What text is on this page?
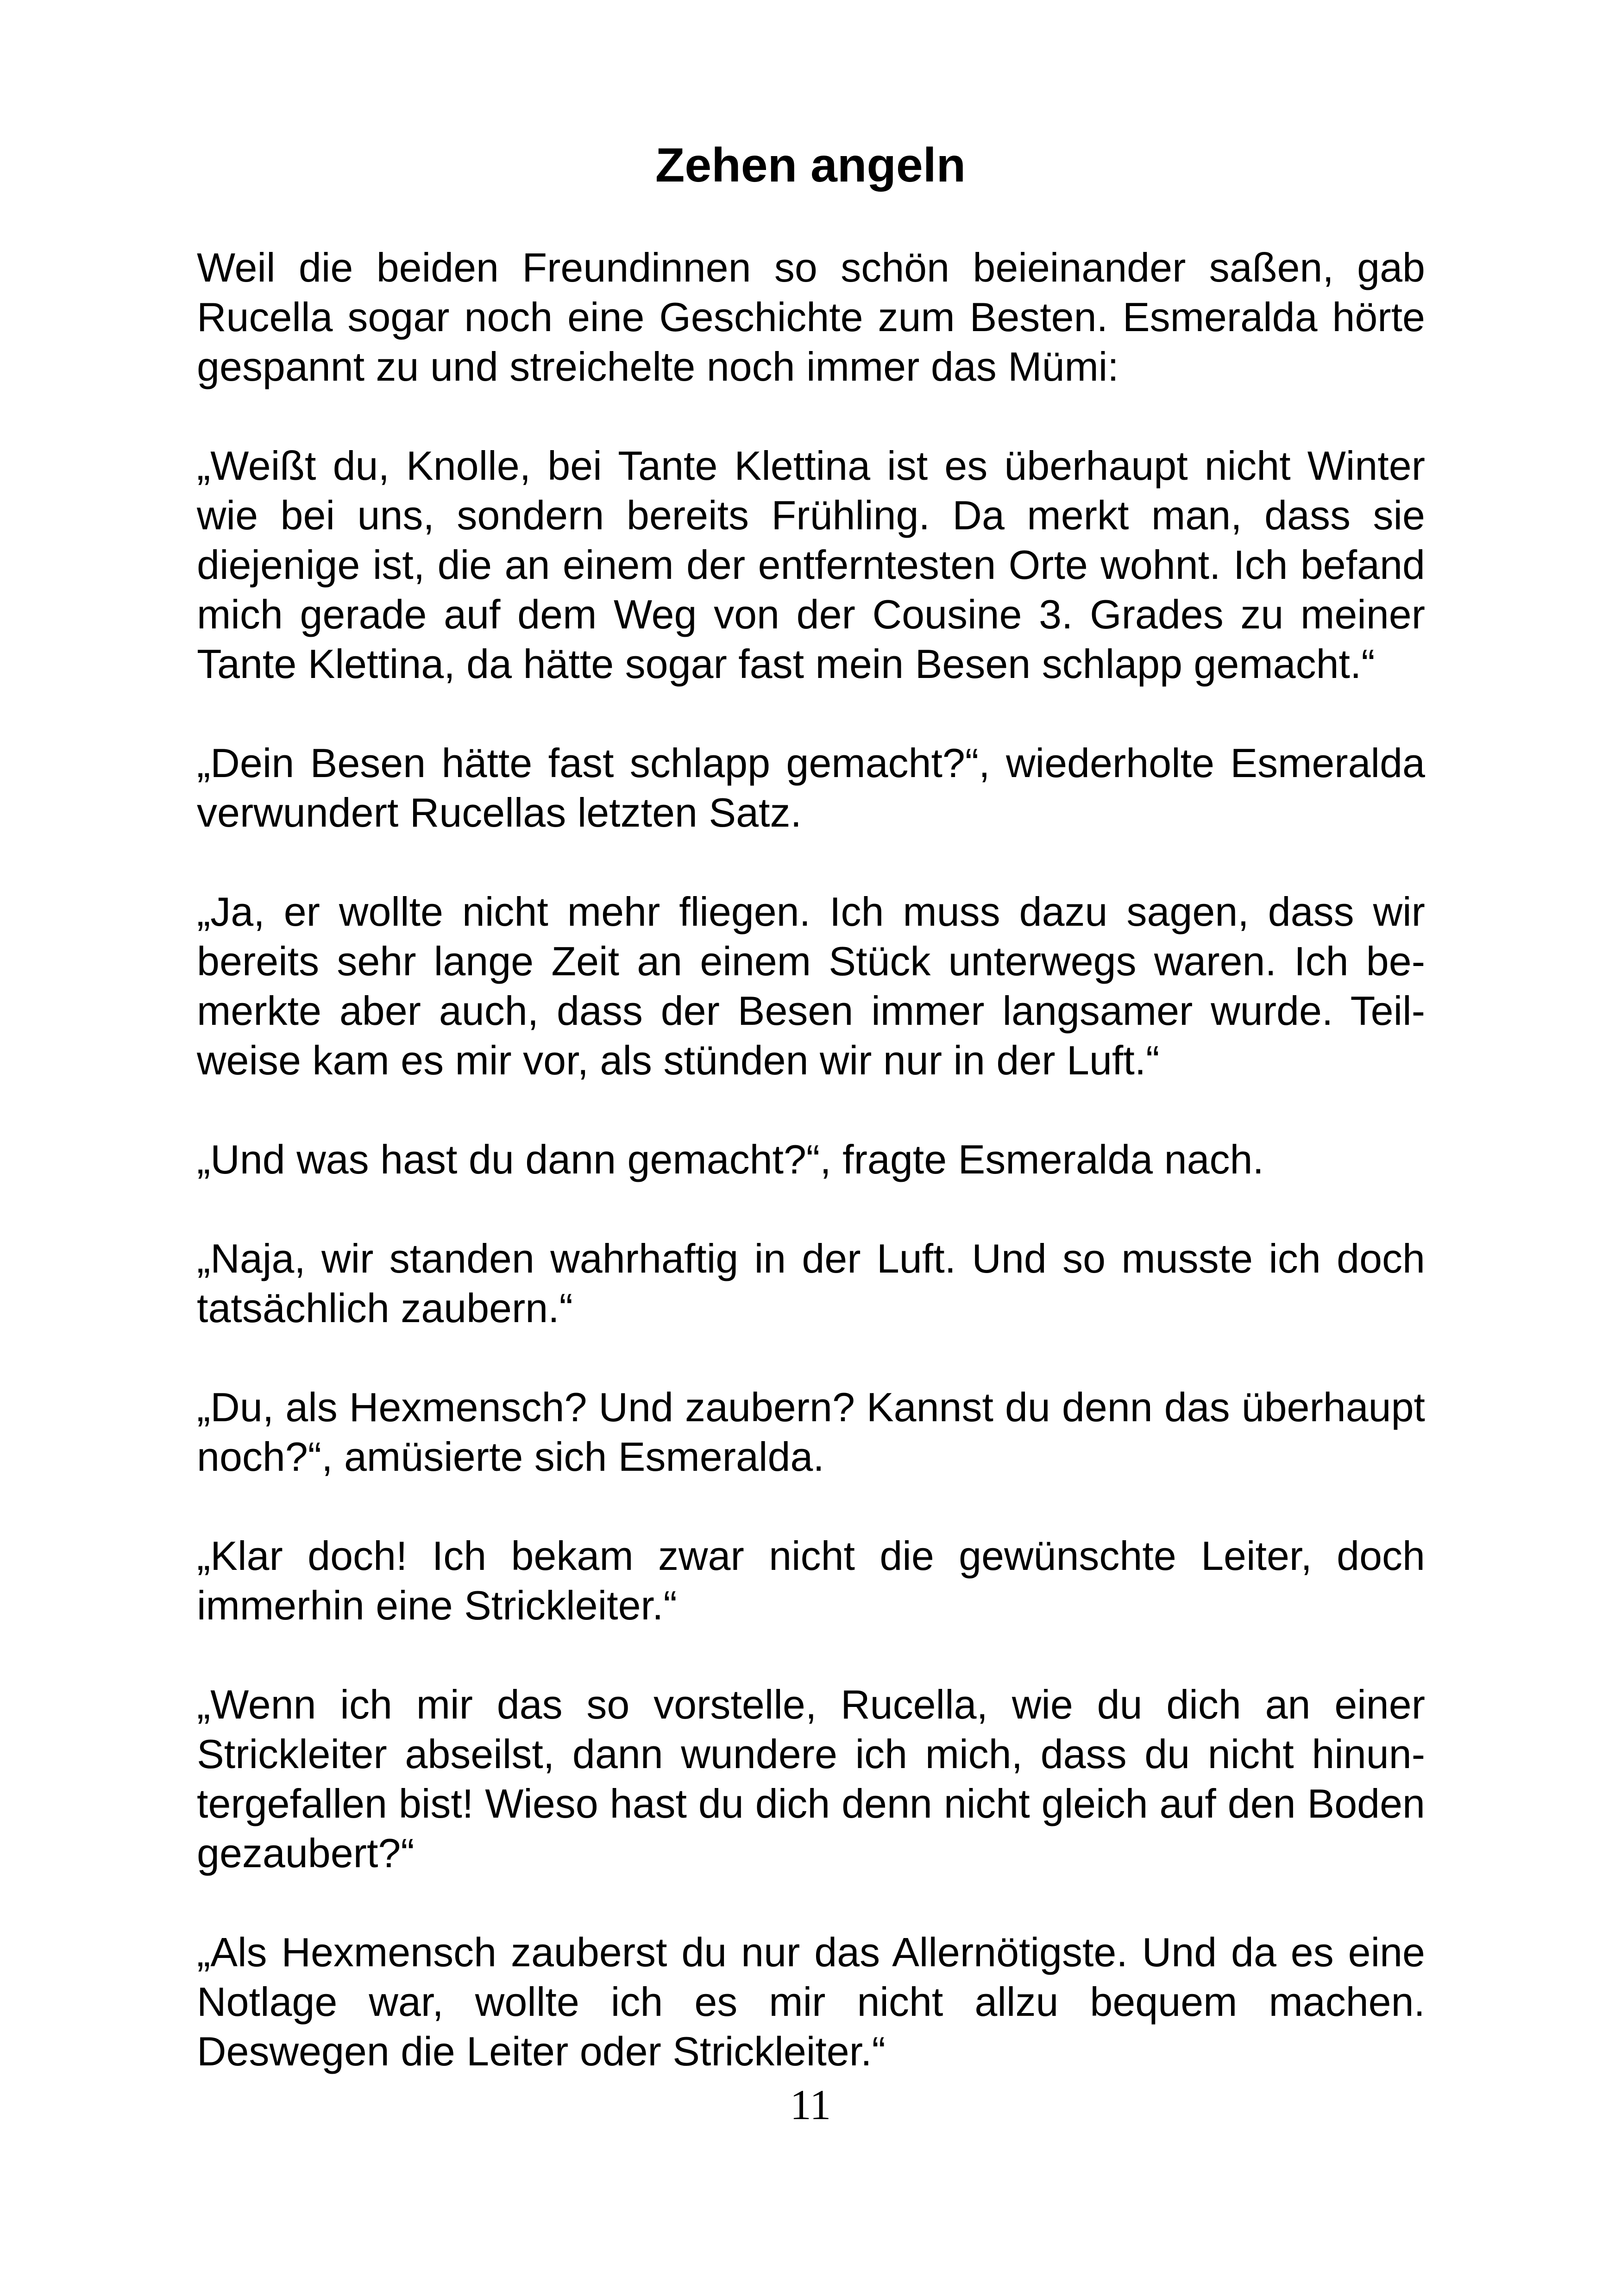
Zehen angeln

Weil die beiden Freundinnen so schön beieinander saßen, gab Rucella sogar noch eine Geschichte zum Besten. Esmeralda hörte gespannt zu und streichelte noch immer das Mümi:

„Weißt du, Knolle, bei Tante Klettina ist es überhaupt nicht Winter wie bei uns, sondern bereits Frühling. Da merkt man, dass sie diejenige ist, die an einem der entferntesten Orte wohnt. Ich befand mich gerade auf dem Weg von der Cousine 3. Grades zu meiner Tante Klettina, da hätte sogar fast mein Besen schlapp gemacht.“

„Dein Besen hätte fast schlapp gemacht?“, wiederholte Esmeralda verwundert Rucellas letzten Satz.

„Ja, er wollte nicht mehr fliegen. Ich muss dazu sagen, dass wir bereits sehr lange Zeit an einem Stück unterwegs waren. Ich bemerkte aber auch, dass der Besen immer langsamer wurde. Teilweise kam es mir vor, als stünden wir nur in der Luft.“

„Und was hast du dann gemacht?“, fragte Esmeralda nach.

„Naja, wir standen wahrhaftig in der Luft. Und so musste ich doch tatsächlich zaubern.“

„Du, als Hexmensch? Und zaubern? Kannst du denn das überhaupt noch?“, amüsierte sich Esmeralda.

„Klar doch! Ich bekam zwar nicht die gewünschte Leiter, doch immerhin eine Strickleiter.“

„Wenn ich mir das so vorstelle, Rucella, wie du dich an einer Strickleiter abseilst, dann wundere ich mich, dass du nicht hinuntergefallen bist! Wieso hast du dich denn nicht gleich auf den Boden gezaubert?“

„Als Hexmensch zauberst du nur das Allernötigste. Und da es eine Notlage war, wollte ich es mir nicht allzu bequem machen. Deswegen die Leiter oder Strickleiter.“

11
